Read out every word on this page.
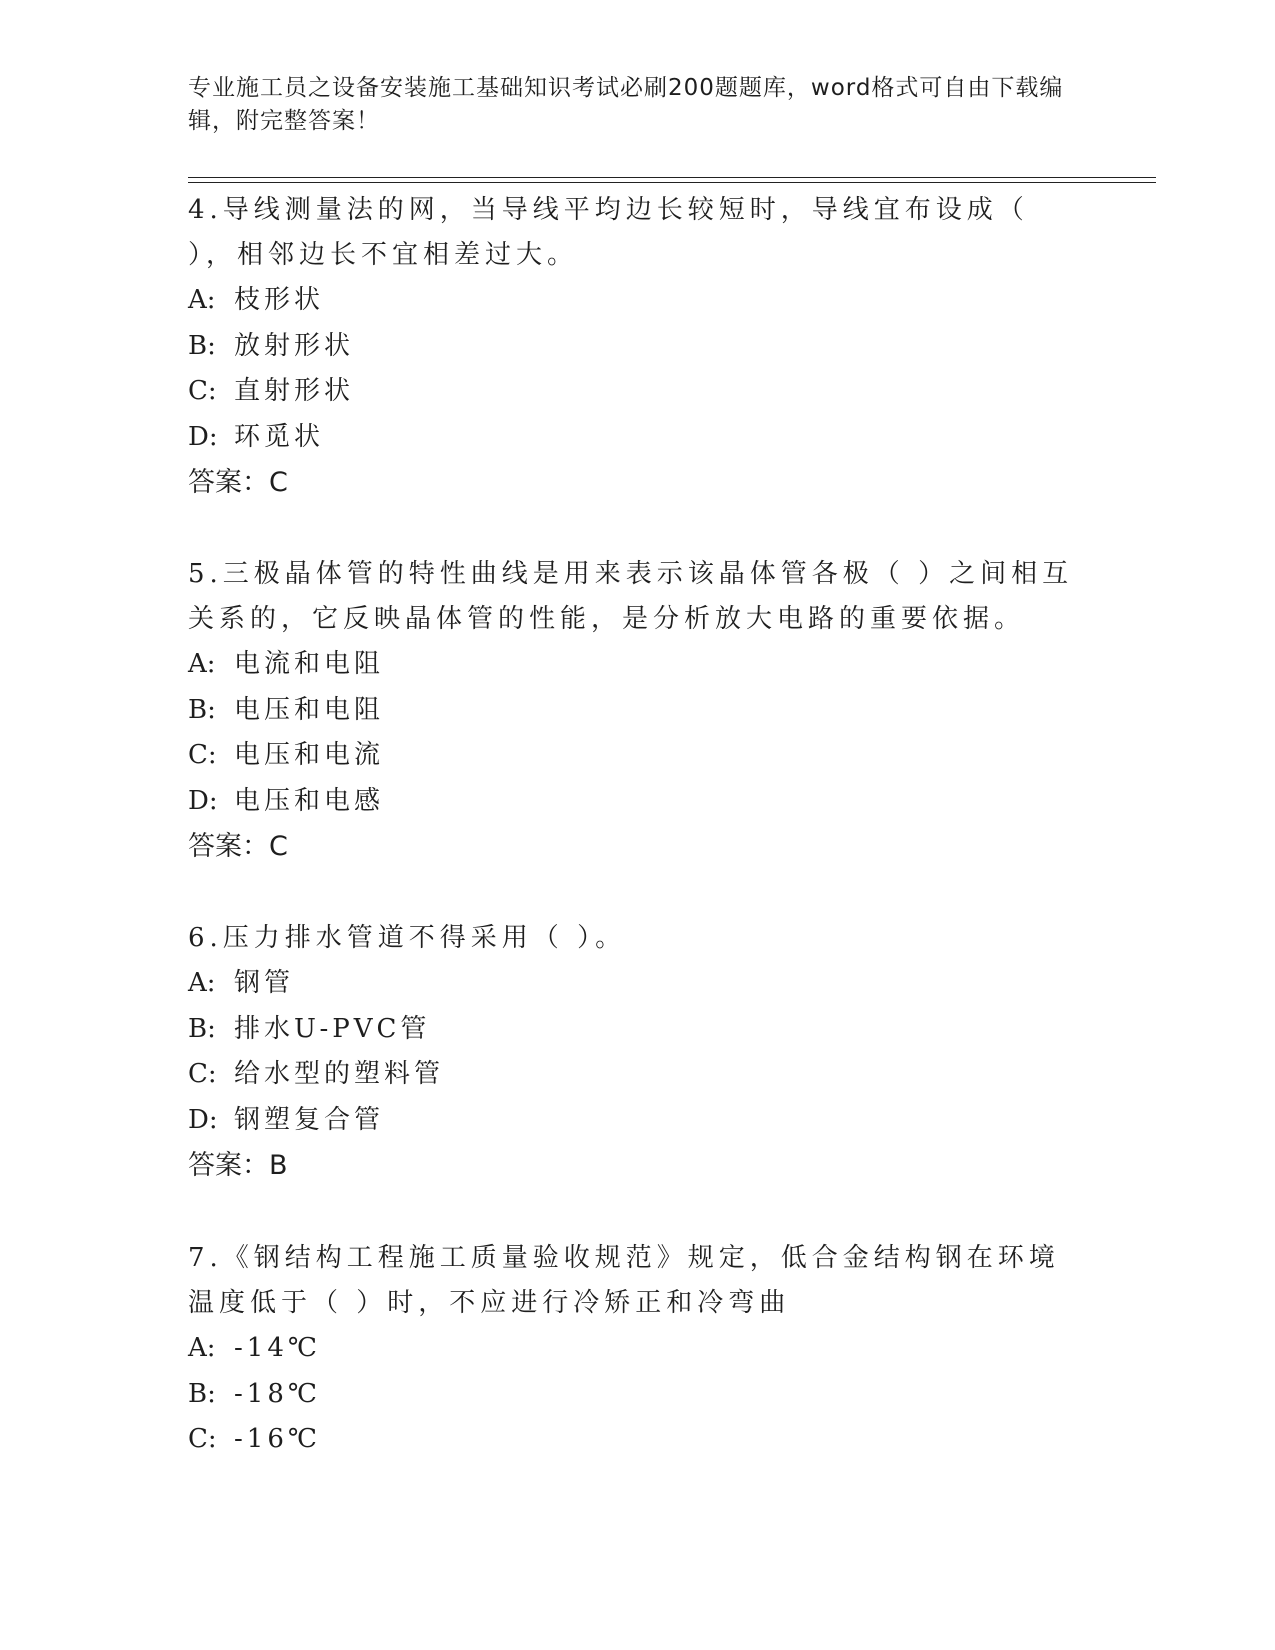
专业施工员之设备安装施工基础知识考试必刷200题题库，word格式可自由下载编辑，附完整答案！

4.导线测量法的网，当导线平均边长较短时，导线宜布设成（ ），相邻边长不宜相差过大。

A: 枝形状
B: 放射形状
C: 直射形状
D: 环觅状
答案：C

5.三极晶体管的特性曲线是用来表示该晶体管各极（ ）之间相互关系的，它反映晶体管的性能，是分析放大电路的重要依据。

A: 电流和电阻
B: 电压和电阻
C: 电压和电流
D: 电压和电感
答案：C

6.压力排水管道不得采用（ ）。

A: 钢管
B: 排水U-PVC管
C: 给水型的塑料管
D: 钢塑复合管
答案：B

7.《钢结构工程施工质量验收规范》规定，低合金结构钢在环境温度低于（ ）时，不应进行冷矫正和冷弯曲

A: -14℃
B: -18℃
C: -16℃
